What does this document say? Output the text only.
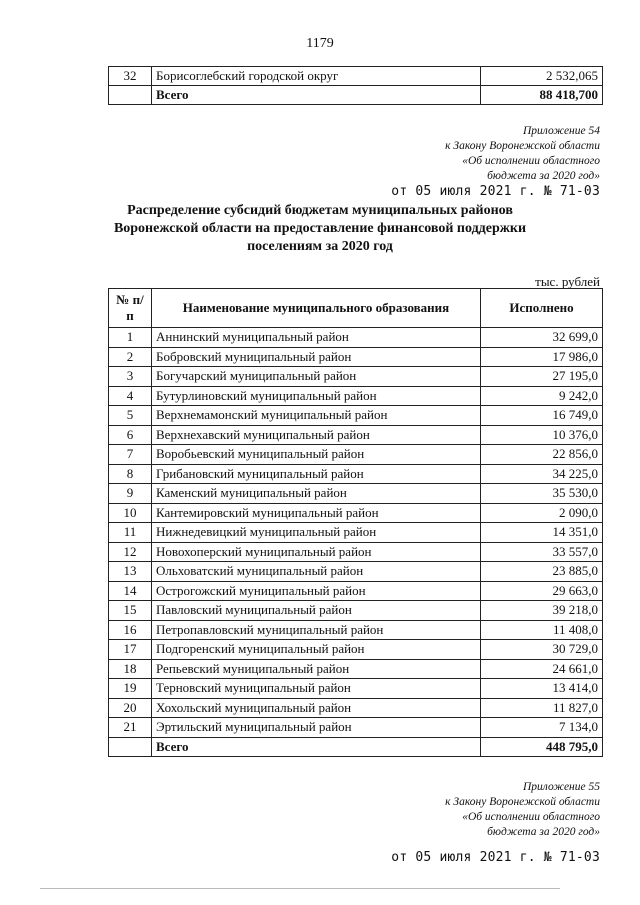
1179
32	Борисоглебский городской округ	2 532,065
	Всего	88 418,700
Приложение 54
к Закону Воронежской области
«Об исполнении областного
бюджета за 2020 год»
от 05 июля 2021 г. № 71-03
Распределение субсидий бюджетам муниципальных районов
Воронежской области на предоставление финансовой поддержки
поселениям за 2020 год
тыс. рублей
№ п/п	Наименование муниципального образования	Исполнено
1	Аннинский муниципальный район	32 699,0
2	Бобровский муниципальный район	17 986,0
3	Богучарский муниципальный район	27 195,0
4	Бутурлиновский муниципальный район	9 242,0
5	Верхнемамонский муниципальный район	16 749,0
6	Верхнехавский муниципальный район	10 376,0
7	Воробьевский муниципальный район	22 856,0
8	Грибановский муниципальный район	34 225,0
9	Каменский муниципальный район	35 530,0
10	Кантемировский муниципальный район	2 090,0
11	Нижнедевицкий муниципальный район	14 351,0
12	Новохоперский муниципальный район	33 557,0
13	Ольховатский муниципальный район	23 885,0
14	Острогожский муниципальный район	29 663,0
15	Павловский муниципальный район	39 218,0
16	Петропавловский муниципальный район	11 408,0
17	Подгоренский муниципальный район	30 729,0
18	Репьевский муниципальный район	24 661,0
19	Терновский муниципальный район	13 414,0
20	Хохольский муниципальный район	11 827,0
21	Эртильский муниципальный район	7 134,0
	Всего	448 795,0
Приложение 55
к Закону Воронежской области
«Об исполнении областного
бюджета за 2020 год»
от 05 июля 2021 г. № 71-03
